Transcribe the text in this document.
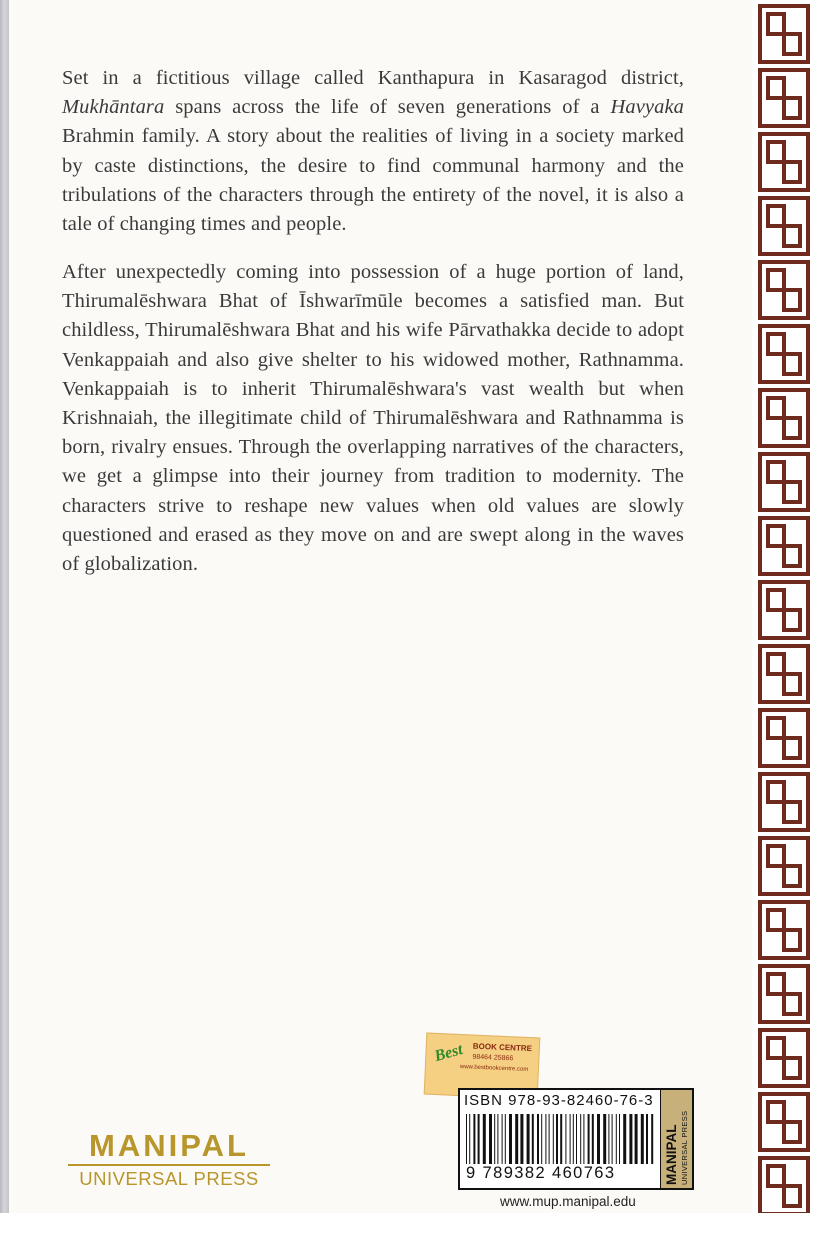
Set in a fictitious village called Kanthapura in Kasaragod district, Mukhāntara spans across the life of seven generations of a Havyaka Brahmin family. A story about the realities of living in a society marked by caste distinctions, the desire to find communal harmony and the tribulations of the characters through the entirety of the novel, it is also a tale of changing times and people.

After unexpectedly coming into possession of a huge portion of land, Thirumalēshwara Bhat of Īshwarīmūle becomes a satisfied man. But childless, Thirumalēshwara Bhat and his wife Pārvathakka decide to adopt Venkappaiah and also give shelter to his widowed mother, Rathnamma. Venkappaiah is to inherit Thirumalēshwara's vast wealth but when Krishnaiah, the illegitimate child of Thirumalēshwara and Rathnamma is born, rivalry ensues. Through the overlapping narratives of the characters, we get a glimpse into their journey from tradition to modernity. The characters strive to reshape new values when old values are slowly questioned and erased as they move on and are swept along in the waves of globalization.

MANIPAL
UNIVERSAL PRESS
Best BOOK CENTRE
98464 25866
www.bestbookcentre.com
ISBN 978-93-82460-76-3
9 789382 460763	MANIPAL UNIVERSAL PRESS
www.mup.manipal.edu
